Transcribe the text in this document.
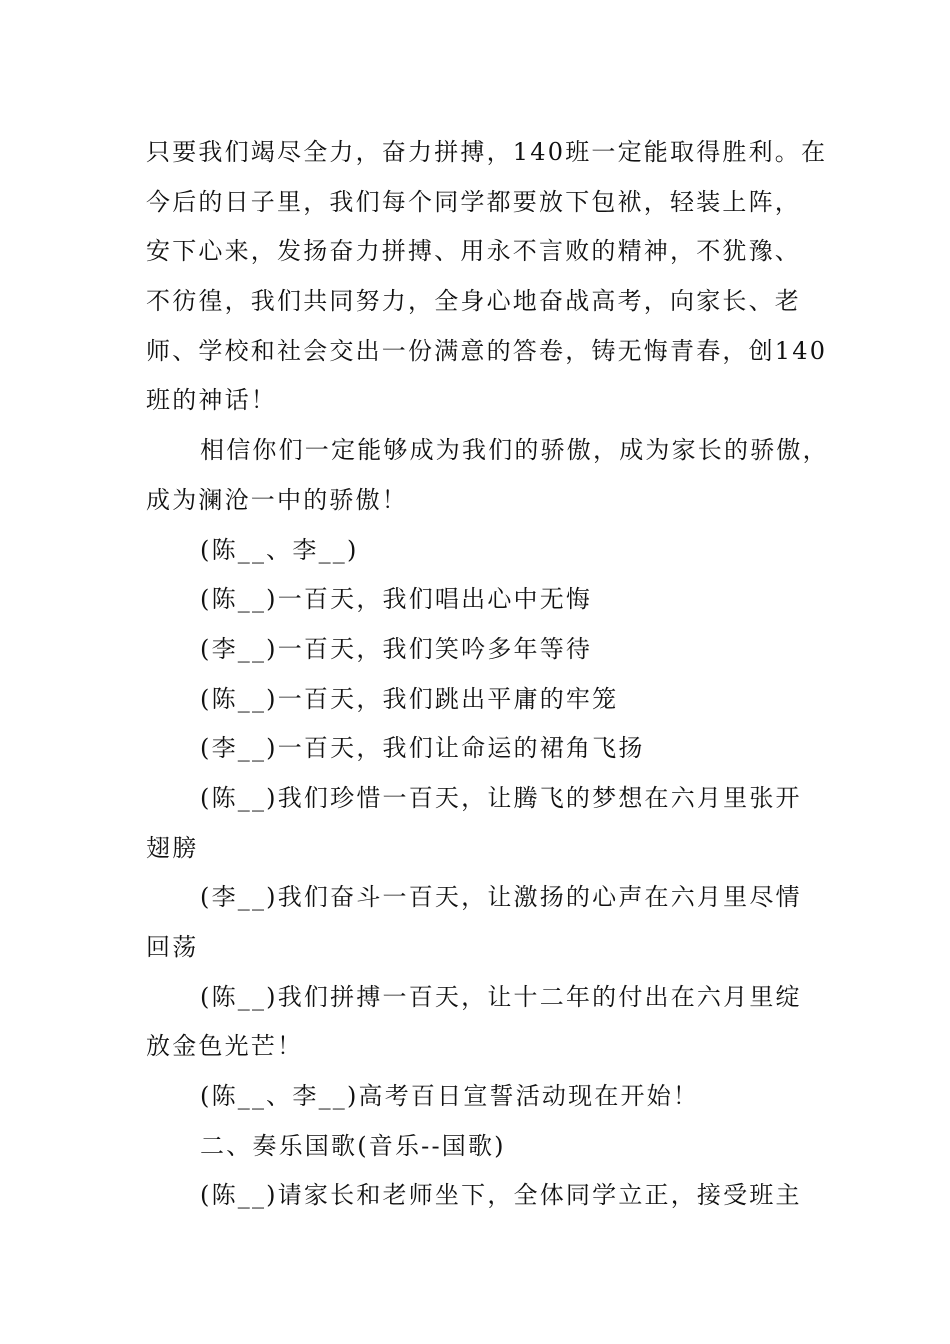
只要我们竭尽全力，奋力拼搏，140班一定能取得胜利。在
今后的日子里，我们每个同学都要放下包袱，轻装上阵，
安下心来，发扬奋力拼搏、用永不言败的精神，不犹豫、
不彷徨，我们共同努力，全身心地奋战高考，向家长、老
师、学校和社会交出一份满意的答卷，铸无悔青春，创140
班的神话！
相信你们一定能够成为我们的骄傲，成为家长的骄傲，
成为澜沧一中的骄傲！
(陈__、李__)
(陈__)一百天，我们唱出心中无悔
(李__)一百天，我们笑吟多年等待
(陈__)一百天，我们跳出平庸的牢笼
(李__)一百天，我们让命运的裙角飞扬
(陈__)我们珍惜一百天，让腾飞的梦想在六月里张开
翅膀
(李__)我们奋斗一百天，让激扬的心声在六月里尽情
回荡
(陈__)我们拼搏一百天，让十二年的付出在六月里绽
放金色光芒！
(陈__、李__)高考百日宣誓活动现在开始！
二、奏乐国歌(音乐--国歌)
(陈__)请家长和老师坐下，全体同学立正，接受班主
